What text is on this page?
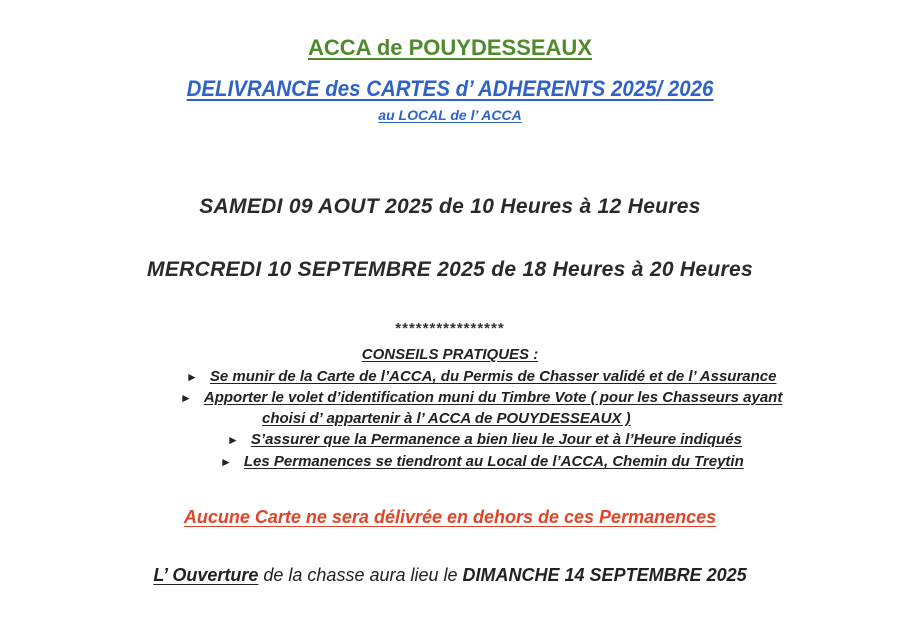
ACCA de POUYDESSEAUX
DELIVRANCE des CARTES d’ ADHERENTS 2025/ 2026
au LOCAL de l’ ACCA
SAMEDI 09 AOUT 2025 de 10 Heures à 12 Heures
MERCREDI 10 SEPTEMBRE 2025 de 18 Heures à 20 Heures
****************
CONSEILS PRATIQUES :
► Se munir de la Carte de l’ACCA, du Permis de Chasser validé et de l’ Assurance
► Apporter le volet d’identification muni du Timbre Vote ( pour les Chasseurs ayant
choisi d’ appartenir à l’ ACCA de POUYDESSEAUX )
► S’assurer que la Permanence a bien lieu le Jour et à l’Heure indiqués
► Les Permanences se tiendront au Local de l’ACCA, Chemin du Treytin
Aucune Carte ne sera délivrée en dehors de ces Permanences
L’ Ouverture de la chasse aura lieu le DIMANCHE 14 SEPTEMBRE 2025
